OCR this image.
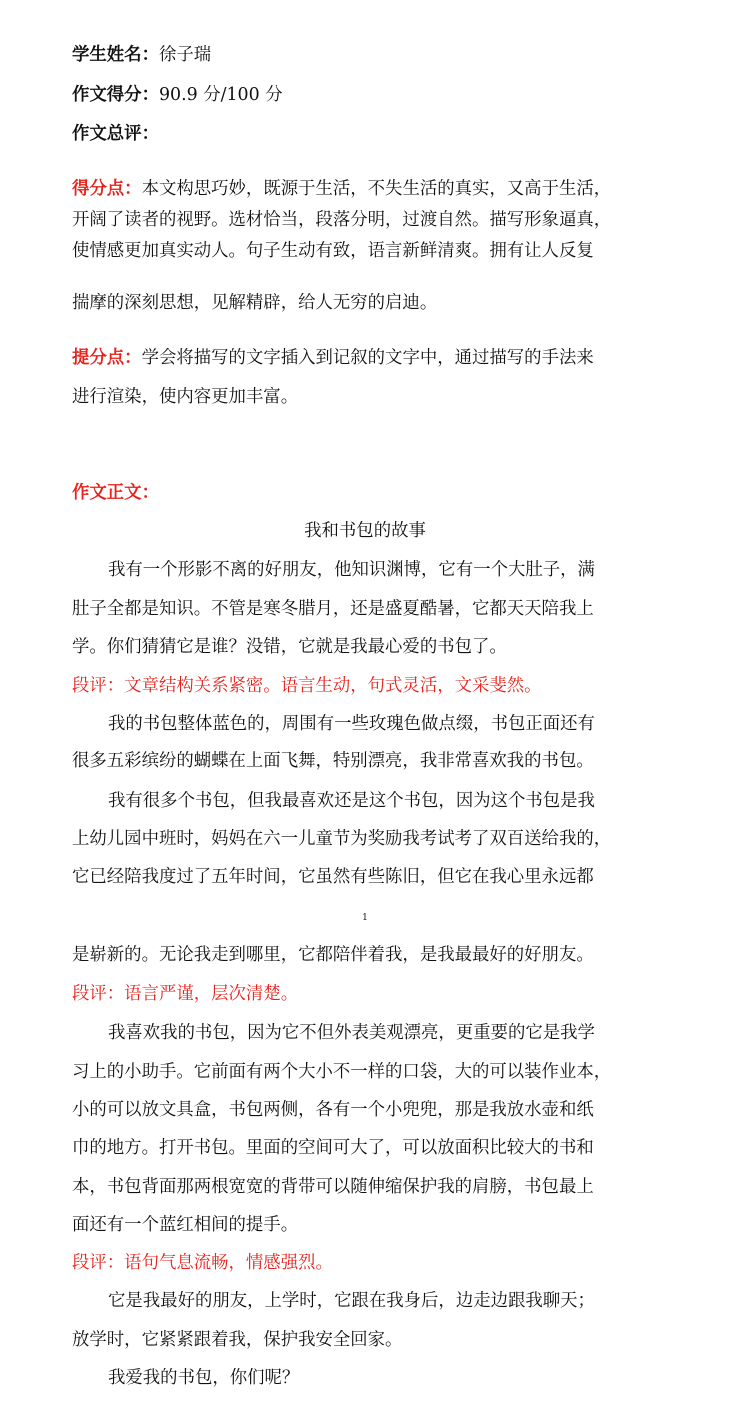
学生姓名：徐子瑞
作文得分：90.9 分/100 分
作文总评：
得分点：本文构思巧妙，既源于生活，不失生活的真实，又高于生活，
开阔了读者的视野。选材恰当，段落分明，过渡自然。描写形象逼真，
使情感更加真实动人。句子生动有致，语言新鲜清爽。拥有让人反复
揣摩的深刻思想，见解精辟，给人无穷的启迪。
提分点：学会将描写的文字插入到记叙的文字中，通过描写的手法来
进行渲染，使内容更加丰富。
作文正文：
我和书包的故事
我有一个形影不离的好朋友，他知识渊博，它有一个大肚子，满
肚子全都是知识。不管是寒冬腊月，还是盛夏酷暑，它都天天陪我上
学。你们猜猜它是谁？没错，它就是我最心爱的书包了。
段评：文章结构关系紧密。语言生动，句式灵活，文采斐然。
我的书包整体蓝色的，周围有一些玫瑰色做点缀，书包正面还有
很多五彩缤纷的蝴蝶在上面飞舞，特别漂亮，我非常喜欢我的书包。
我有很多个书包，但我最喜欢还是这个书包，因为这个书包是我
上幼儿园中班时，妈妈在六一儿童节为奖励我考试考了双百送给我的，
它已经陪我度过了五年时间，它虽然有些陈旧，但它在我心里永远都
1
是崭新的。无论我走到哪里，它都陪伴着我，是我最最好的好朋友。
段评：语言严谨，层次清楚。
我喜欢我的书包，因为它不但外表美观漂亮，更重要的它是我学
习上的小助手。它前面有两个大小不一样的口袋，大的可以装作业本，
小的可以放文具盒，书包两侧，各有一个小兜兜，那是我放水壶和纸
巾的地方。打开书包。里面的空间可大了，可以放面积比较大的书和
本，书包背面那两根宽宽的背带可以随伸缩保护我的肩膀，书包最上
面还有一个蓝红相间的提手。
段评：语句气息流畅，情感强烈。
它是我最好的朋友，上学时，它跟在我身后，边走边跟我聊天；
放学时，它紧紧跟着我，保护我安全回家。
我爱我的书包，你们呢？
